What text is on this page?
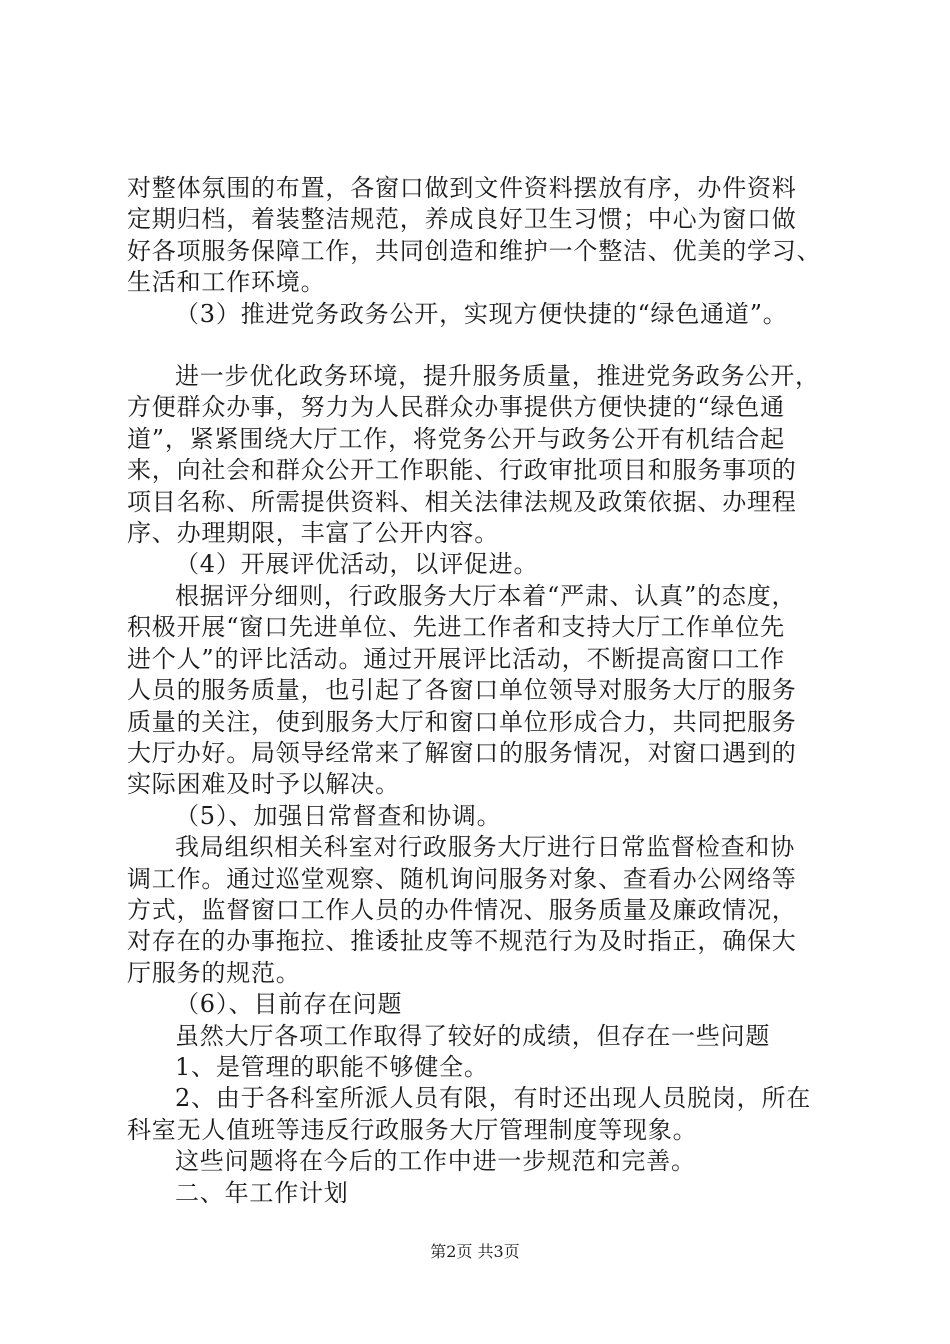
对整体氛围的布置，各窗口做到文件资料摆放有序，办件资料
定期归档，着装整洁规范，养成良好卫生习惯；中心为窗口做
好各项服务保障工作，共同创造和维护一个整洁、优美的学习、
生活和工作环境。
（3）推进党务政务公开，实现方便快捷的“绿色通道”。
进一步优化政务环境，提升服务质量，推进党务政务公开，
方便群众办事，努力为人民群众办事提供方便快捷的“绿色通
道”，紧紧围绕大厅工作，将党务公开与政务公开有机结合起
来，向社会和群众公开工作职能、行政审批项目和服务事项的
项目名称、所需提供资料、相关法律法规及政策依据、办理程
序、办理期限，丰富了公开内容。
（4）开展评优活动，以评促进。
根据评分细则，行政服务大厅本着“严肃、认真”的态度，
积极开展“窗口先进单位、先进工作者和支持大厅工作单位先
进个人”的评比活动。通过开展评比活动，不断提高窗口工作
人员的服务质量，也引起了各窗口单位领导对服务大厅的服务
质量的关注，使到服务大厅和窗口单位形成合力，共同把服务
大厅办好。局领导经常来了解窗口的服务情况，对窗口遇到的
实际困难及时予以解决。
（5）、加强日常督查和协调。
我局组织相关科室对行政服务大厅进行日常监督检查和协
调工作。通过巡堂观察、随机询问服务对象、查看办公网络等
方式，监督窗口工作人员的办件情况、服务质量及廉政情况，
对存在的办事拖拉、推诿扯皮等不规范行为及时指正，确保大
厅服务的规范。
（6）、目前存在问题
虽然大厅各项工作取得了较好的成绩，但存在一些问题
1、是管理的职能不够健全。
2、由于各科室所派人员有限，有时还出现人员脱岗，所在
科室无人值班等违反行政服务大厅管理制度等现象。
这些问题将在今后的工作中进一步规范和完善。
二、年工作计划
第2页 共3页
